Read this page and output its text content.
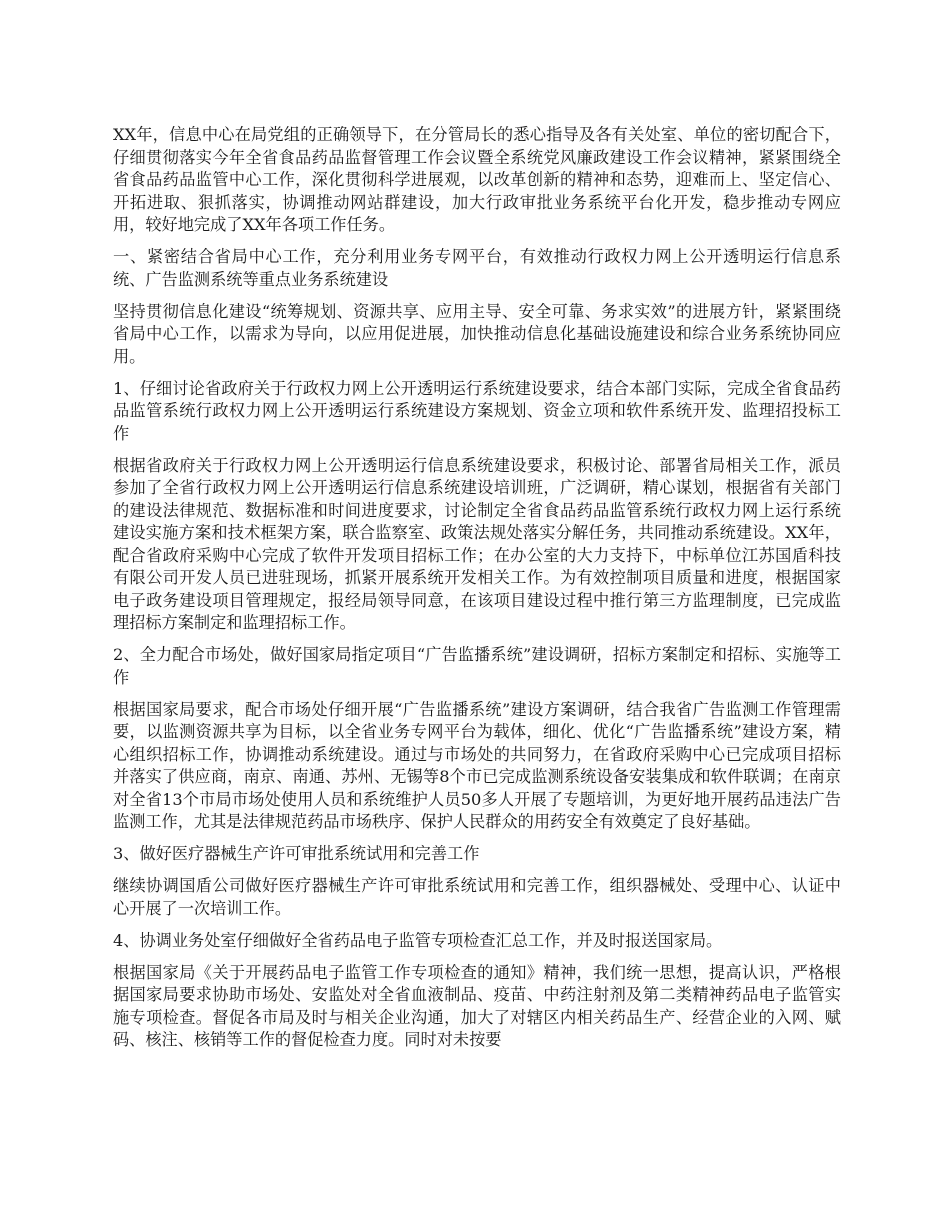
XX年，信息中心在局党组的正确领导下，在分管局长的悉心指导及各有关处室、单位的密切配合下，仔细贯彻落实今年全省食品药品监督管理工作会议暨全系统党风廉政建设工作会议精神，紧紧围绕全省食品药品监管中心工作，深化贯彻科学进展观，以改革创新的精神和态势，迎难而上、坚定信心、开拓进取、狠抓落实，协调推动网站群建设，加大行政审批业务系统平台化开发，稳步推动专网应用，较好地完成了XX年各项工作任务。

一、紧密结合省局中心工作，充分利用业务专网平台，有效推动行政权力网上公开透明运行信息系统、广告监测系统等重点业务系统建设

坚持贯彻信息化建设“统筹规划、资源共享、应用主导、安全可靠、务求实效”的进展方针，紧紧围绕省局中心工作，以需求为导向，以应用促进展，加快推动信息化基础设施建设和综合业务系统协同应用。

1、仔细讨论省政府关于行政权力网上公开透明运行系统建设要求，结合本部门实际，完成全省食品药品监管系统行政权力网上公开透明运行系统建设方案规划、资金立项和软件系统开发、监理招投标工作

根据省政府关于行政权力网上公开透明运行信息系统建设要求，积极讨论、部署省局相关工作，派员参加了全省行政权力网上公开透明运行信息系统建设培训班，广泛调研，精心谋划，根据省有关部门的建设法律规范、数据标准和时间进度要求，讨论制定全省食品药品监管系统行政权力网上运行系统建设实施方案和技术框架方案，联合监察室、政策法规处落实分解任务，共同推动系统建设。XX年，配合省政府采购中心完成了软件开发项目招标工作；在办公室的大力支持下，中标单位江苏国盾科技有限公司开发人员已进驻现场，抓紧开展系统开发相关工作。为有效控制项目质量和进度，根据国家电子政务建设项目管理规定，报经局领导同意，在该项目建设过程中推行第三方监理制度，已完成监理招标方案制定和监理招标工作。

2、全力配合市场处，做好国家局指定项目“广告监播系统”建设调研，招标方案制定和招标、实施等工作

根据国家局要求，配合市场处仔细开展“广告监播系统”建设方案调研，结合我省广告监测工作管理需要，以监测资源共享为目标，以全省业务专网平台为载体，细化、优化“广告监播系统”建设方案，精心组织招标工作，协调推动系统建设。通过与市场处的共同努力，在省政府采购中心已完成项目招标并落实了供应商，南京、南通、苏州、无锡等8个市已完成监测系统设备安装集成和软件联调；在南京对全省13个市局市场处使用人员和系统维护人员50多人开展了专题培训，为更好地开展药品违法广告监测工作，尤其是法律规范药品市场秩序、保护人民群众的用药安全有效奠定了良好基础。

3、做好医疗器械生产许可审批系统试用和完善工作

继续协调国盾公司做好医疗器械生产许可审批系统试用和完善工作，组织器械处、受理中心、认证中心开展了一次培训工作。

4、协调业务处室仔细做好全省药品电子监管专项检查汇总工作，并及时报送国家局。

根据国家局《关于开展药品电子监管工作专项检查的通知》精神，我们统一思想，提高认识，严格根据国家局要求协助市场处、安监处对全省血液制品、疫苗、中药注射剂及第二类精神药品电子监管实施专项检查。督促各市局及时与相关企业沟通，加大了对辖区内相关药品生产、经营企业的入网、赋码、核注、核销等工作的督促检查力度。同时对未按要
